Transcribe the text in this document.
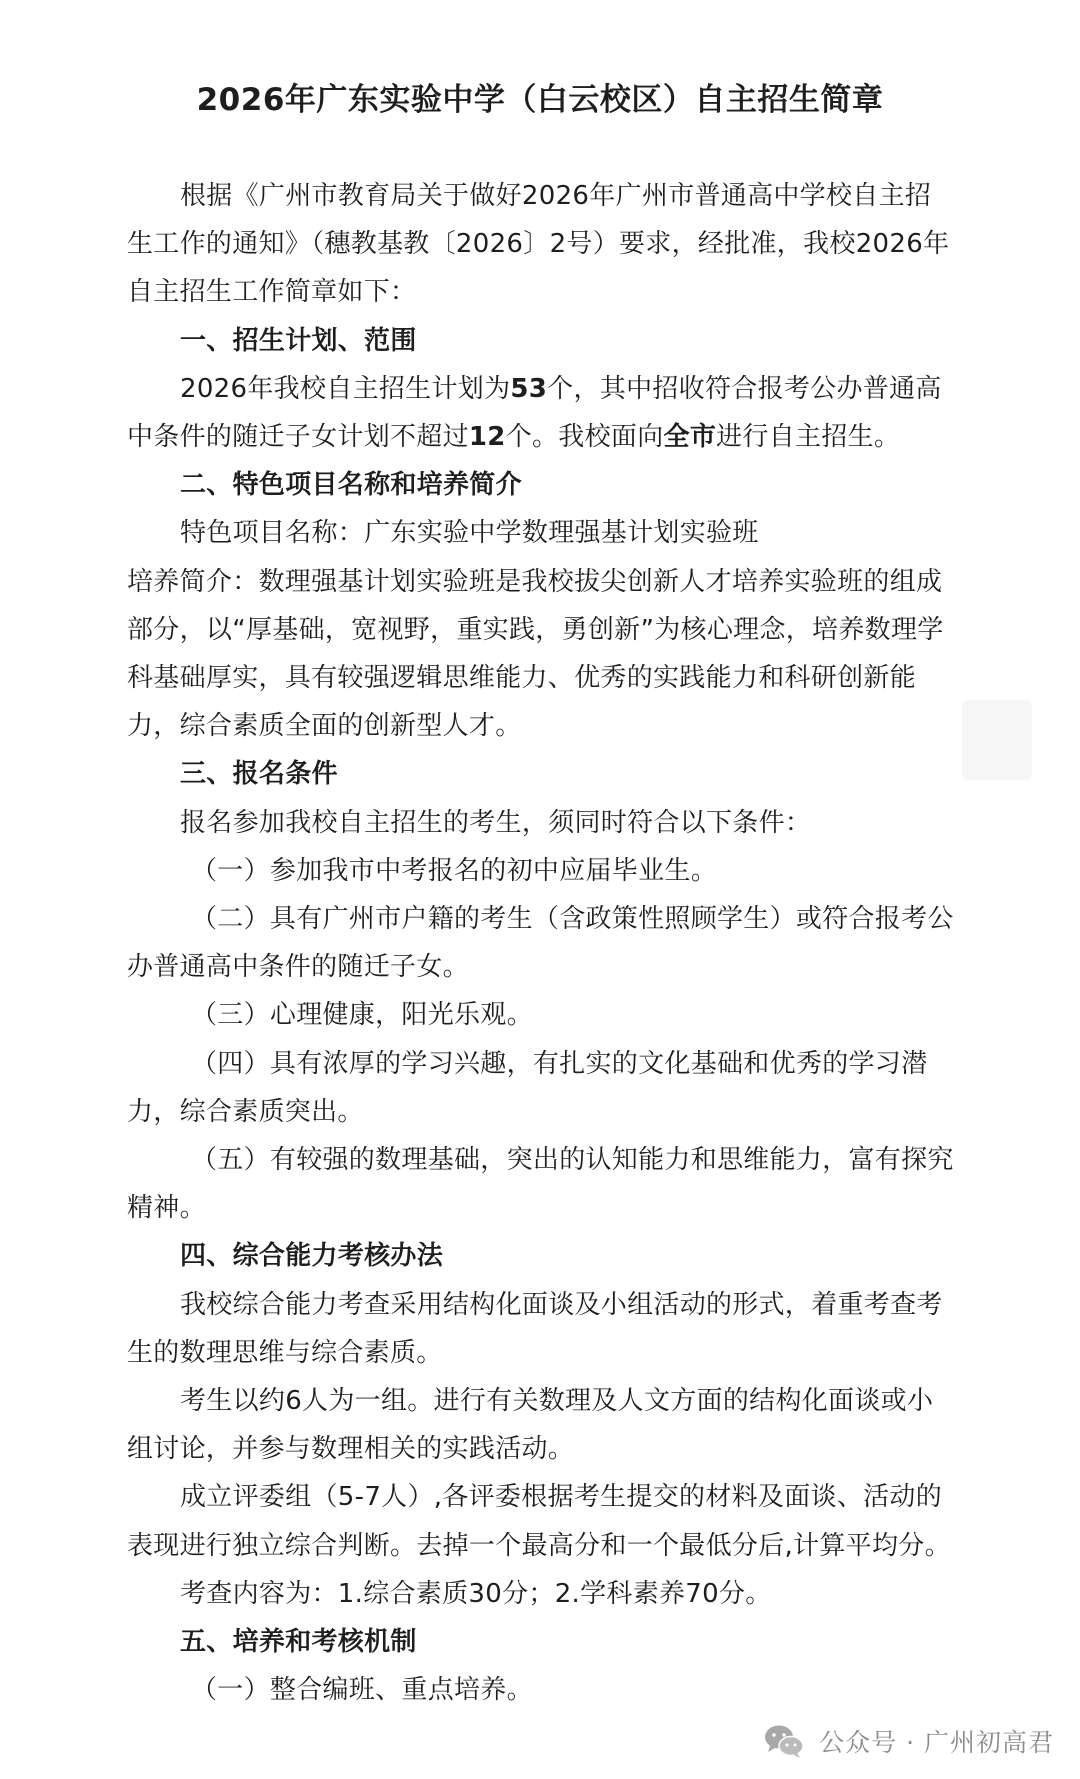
2026年广东实验中学（白云校区）自主招生简章

根据《广州市教育局关于做好2026年广州市普通高中学校自主招生工作的通知》（穗教基教〔2026〕2号）要求，经批准，我校2026年自主招生工作简章如下：

一、招生计划、范围

2026年我校自主招生计划为53个，其中招收符合报考公办普通高中条件的随迁子女计划不超过12个。我校面向全市进行自主招生。

二、特色项目名称和培养简介

特色项目名称：广东实验中学数理强基计划实验班

培养简介：数理强基计划实验班是我校拔尖创新人才培养实验班的组成部分，以“厚基础，宽视野，重实践，勇创新”为核心理念，培养数理学科基础厚实，具有较强逻辑思维能力、优秀的实践能力和科研创新能力，综合素质全面的创新型人才。

三、报名条件

报名参加我校自主招生的考生，须同时符合以下条件：

（一）参加我市中考报名的初中应届毕业生。

（二）具有广州市户籍的考生（含政策性照顾学生）或符合报考公办普通高中条件的随迁子女。

（三）心理健康，阳光乐观。

（四）具有浓厚的学习兴趣，有扎实的文化基础和优秀的学习潜力，综合素质突出。

（五）有较强的数理基础，突出的认知能力和思维能力，富有探究精神。

四、综合能力考核办法

我校综合能力考查采用结构化面谈及小组活动的形式，着重考查考生的数理思维与综合素质。

考生以约6人为一组。进行有关数理及人文方面的结构化面谈或小组讨论，并参与数理相关的实践活动。

成立评委组（5-7人）,各评委根据考生提交的材料及面谈、活动的表现进行独立综合判断。去掉一个最高分和一个最低分后,计算平均分。

考查内容为：1.综合素质30分；2.学科素养70分。

五、培养和考核机制

（一）整合编班、重点培养。

公众号 · 广州初高君
